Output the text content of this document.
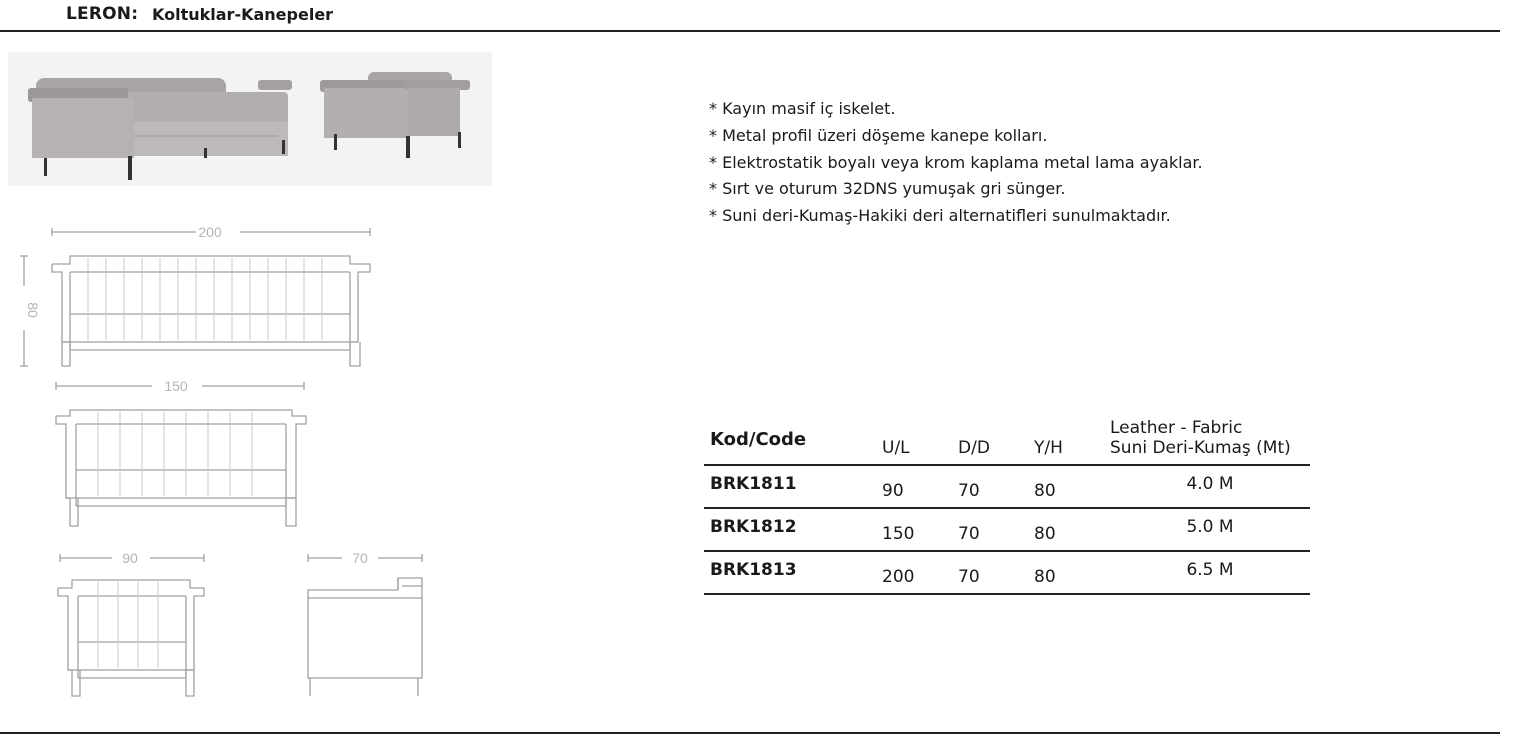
LERON: Koltuklar-Kanepeler
200
80
150
90	70
* Kayın masif iç iskelet.
* Metal profil üzeri döşeme kanepe kolları.
* Elektrostatik boyalı veya krom kaplama metal lama ayaklar.
* Sırt ve oturum 32DNS yumuşak gri sünger.
* Suni deri-Kumaş-Hakiki deri alternatifleri sunulmaktadır.
Kod/Code	U/L	D/D	Y/H	Leather - Fabric
Suni Deri-Kumaş (Mt)

BRK1811	90	70	80	4.0 M
BRK1812	150	70	80	5.0 M
BRK1813	200	70	80	6.5 M
